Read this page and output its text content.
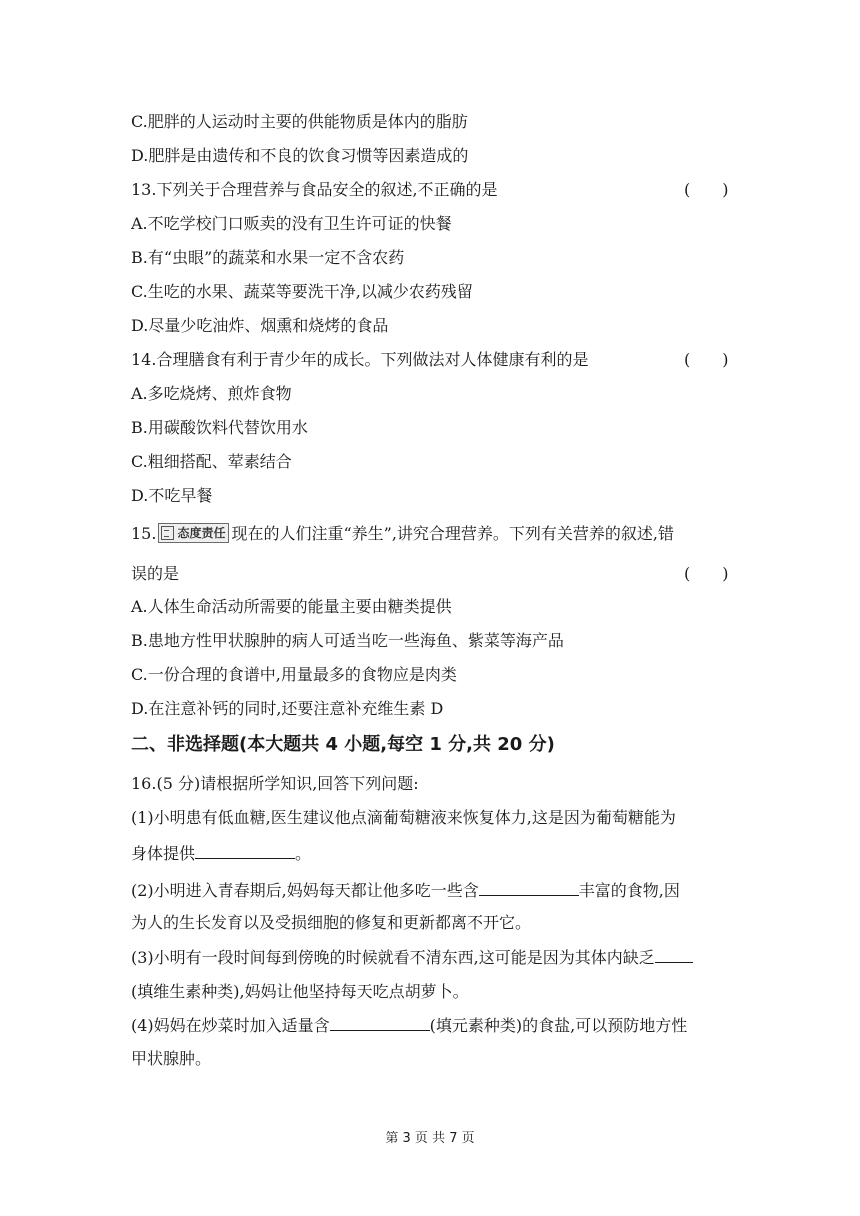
C.肥胖的人运动时主要的供能物质是体内的脂肪
D.肥胖是由遗传和不良的饮食习惯等因素造成的
13.下列关于合理营养与食品安全的叙述,不正确的是	(　　)
A.不吃学校门口贩卖的没有卫生许可证的快餐
B.有“虫眼”的蔬菜和水果一定不含农药
C.生吃的水果、蔬菜等要洗干净,以减少农药残留
D.尽量少吃油炸、烟熏和烧烤的食品
14.合理膳食有利于青少年的成长。下列做法对人体健康有利的是	(　　)
A.多吃烧烤、煎炸食物
B.用碳酸饮料代替饮用水
C.粗细搭配、荤素结合
D.不吃早餐
15. 态度责任 现在的人们注重“养生”,讲究合理营养。下列有关营养的叙述,错
误的是	(　　)
A.人体生命活动所需要的能量主要由糖类提供
B.患地方性甲状腺肿的病人可适当吃一些海鱼、紫菜等海产品
C.一份合理的食谱中,用量最多的食物应是肉类
D.在注意补钙的同时,还要注意补充维生素 D
二、非选择题(本大题共 4 小题,每空 1 分,共 20 分)
16.(5 分)请根据所学知识,回答下列问题:
(1)小明患有低血糖,医生建议他点滴葡萄糖液来恢复体力,这是因为葡萄糖能为
身体提供	。
(2)小明进入青春期后,妈妈每天都让他多吃一些含	丰富的食物,因
为人的生长发育以及受损细胞的修复和更新都离不开它。
(3)小明有一段时间每到傍晚的时候就看不清东西,这可能是因为其体内缺乏
(填维生素种类),妈妈让他坚持每天吃点胡萝卜。
(4)妈妈在炒菜时加入适量含	(填元素种类)的食盐,可以预防地方性
甲状腺肿。
第 3 页 共 7 页
